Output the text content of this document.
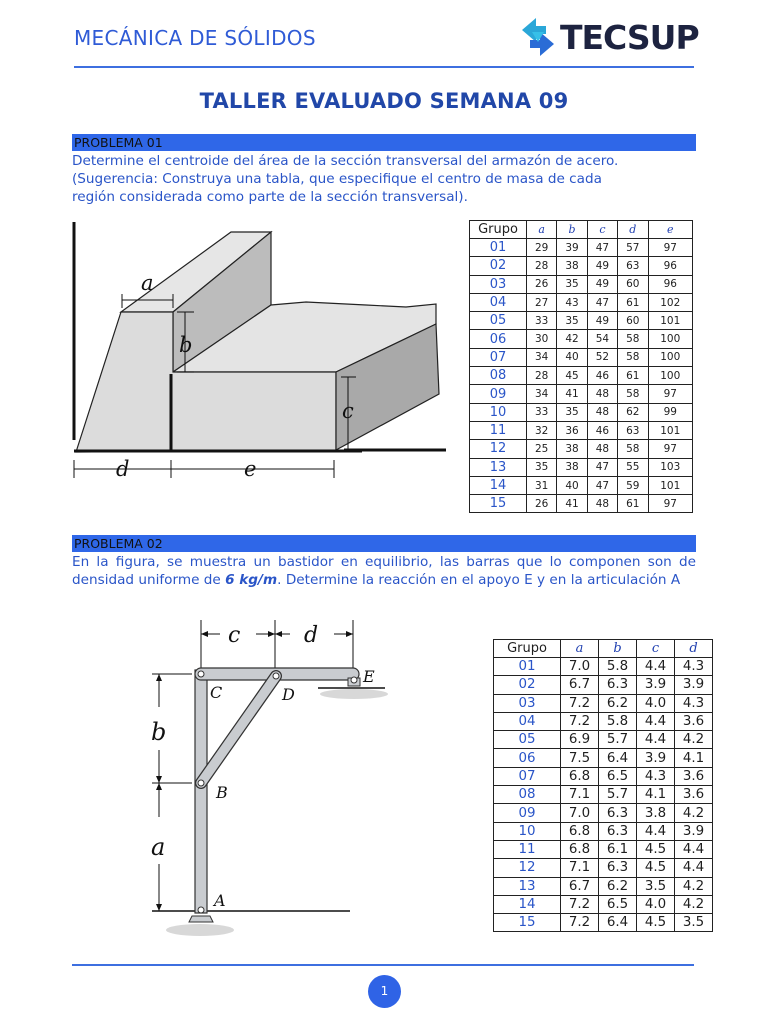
MECÁNICA DE SÓLIDOS	TECSUP
TALLER EVALUADO SEMANA 09
PROBLEMA 01
Determine el centroide del área de la sección transversal del armazón de acero.
(Sugerencia: Construya una tabla, que especifique el centro de masa de cada
región considerada como parte de la sección transversal).
a
b
c
d	e
Grupo	a	b	c	d	e
01	29	39	47	57	97
02	28	38	49	63	96
03	26	35	49	60	96
04	27	43	47	61	102
05	33	35	49	60	101
06	30	42	54	58	100
07	34	40	52	58	100
08	28	45	46	61	100
09	34	41	48	58	97
10	33	35	48	62	99
11	32	36	46	63	101
12	25	38	48	58	97
13	35	38	47	55	103
14	31	40	47	59	101
15	26	41	48	61	97
PROBLEMA 02
En la figura, se muestra un bastidor en equilibrio, las barras que lo componen son de densidad uniforme de 6 kg/m. Determine la reacción en el apoyo E y en la articulación A
c	d
b
a
C	D
E
B
A
Grupo	a	b	c	d
01	7.0	5.8	4.4	4.3
02	6.7	6.3	3.9	3.9
03	7.2	6.2	4.0	4.3
04	7.2	5.8	4.4	3.6
05	6.9	5.7	4.4	4.2
06	7.5	6.4	3.9	4.1
07	6.8	6.5	4.3	3.6
08	7.1	5.7	4.1	3.6
09	7.0	6.3	3.8	4.2
10	6.8	6.3	4.4	3.9
11	6.8	6.1	4.5	4.4
12	7.1	6.3	4.5	4.4
13	6.7	6.2	3.5	4.2
14	7.2	6.5	4.0	4.2
15	7.2	6.4	4.5	3.5
1
